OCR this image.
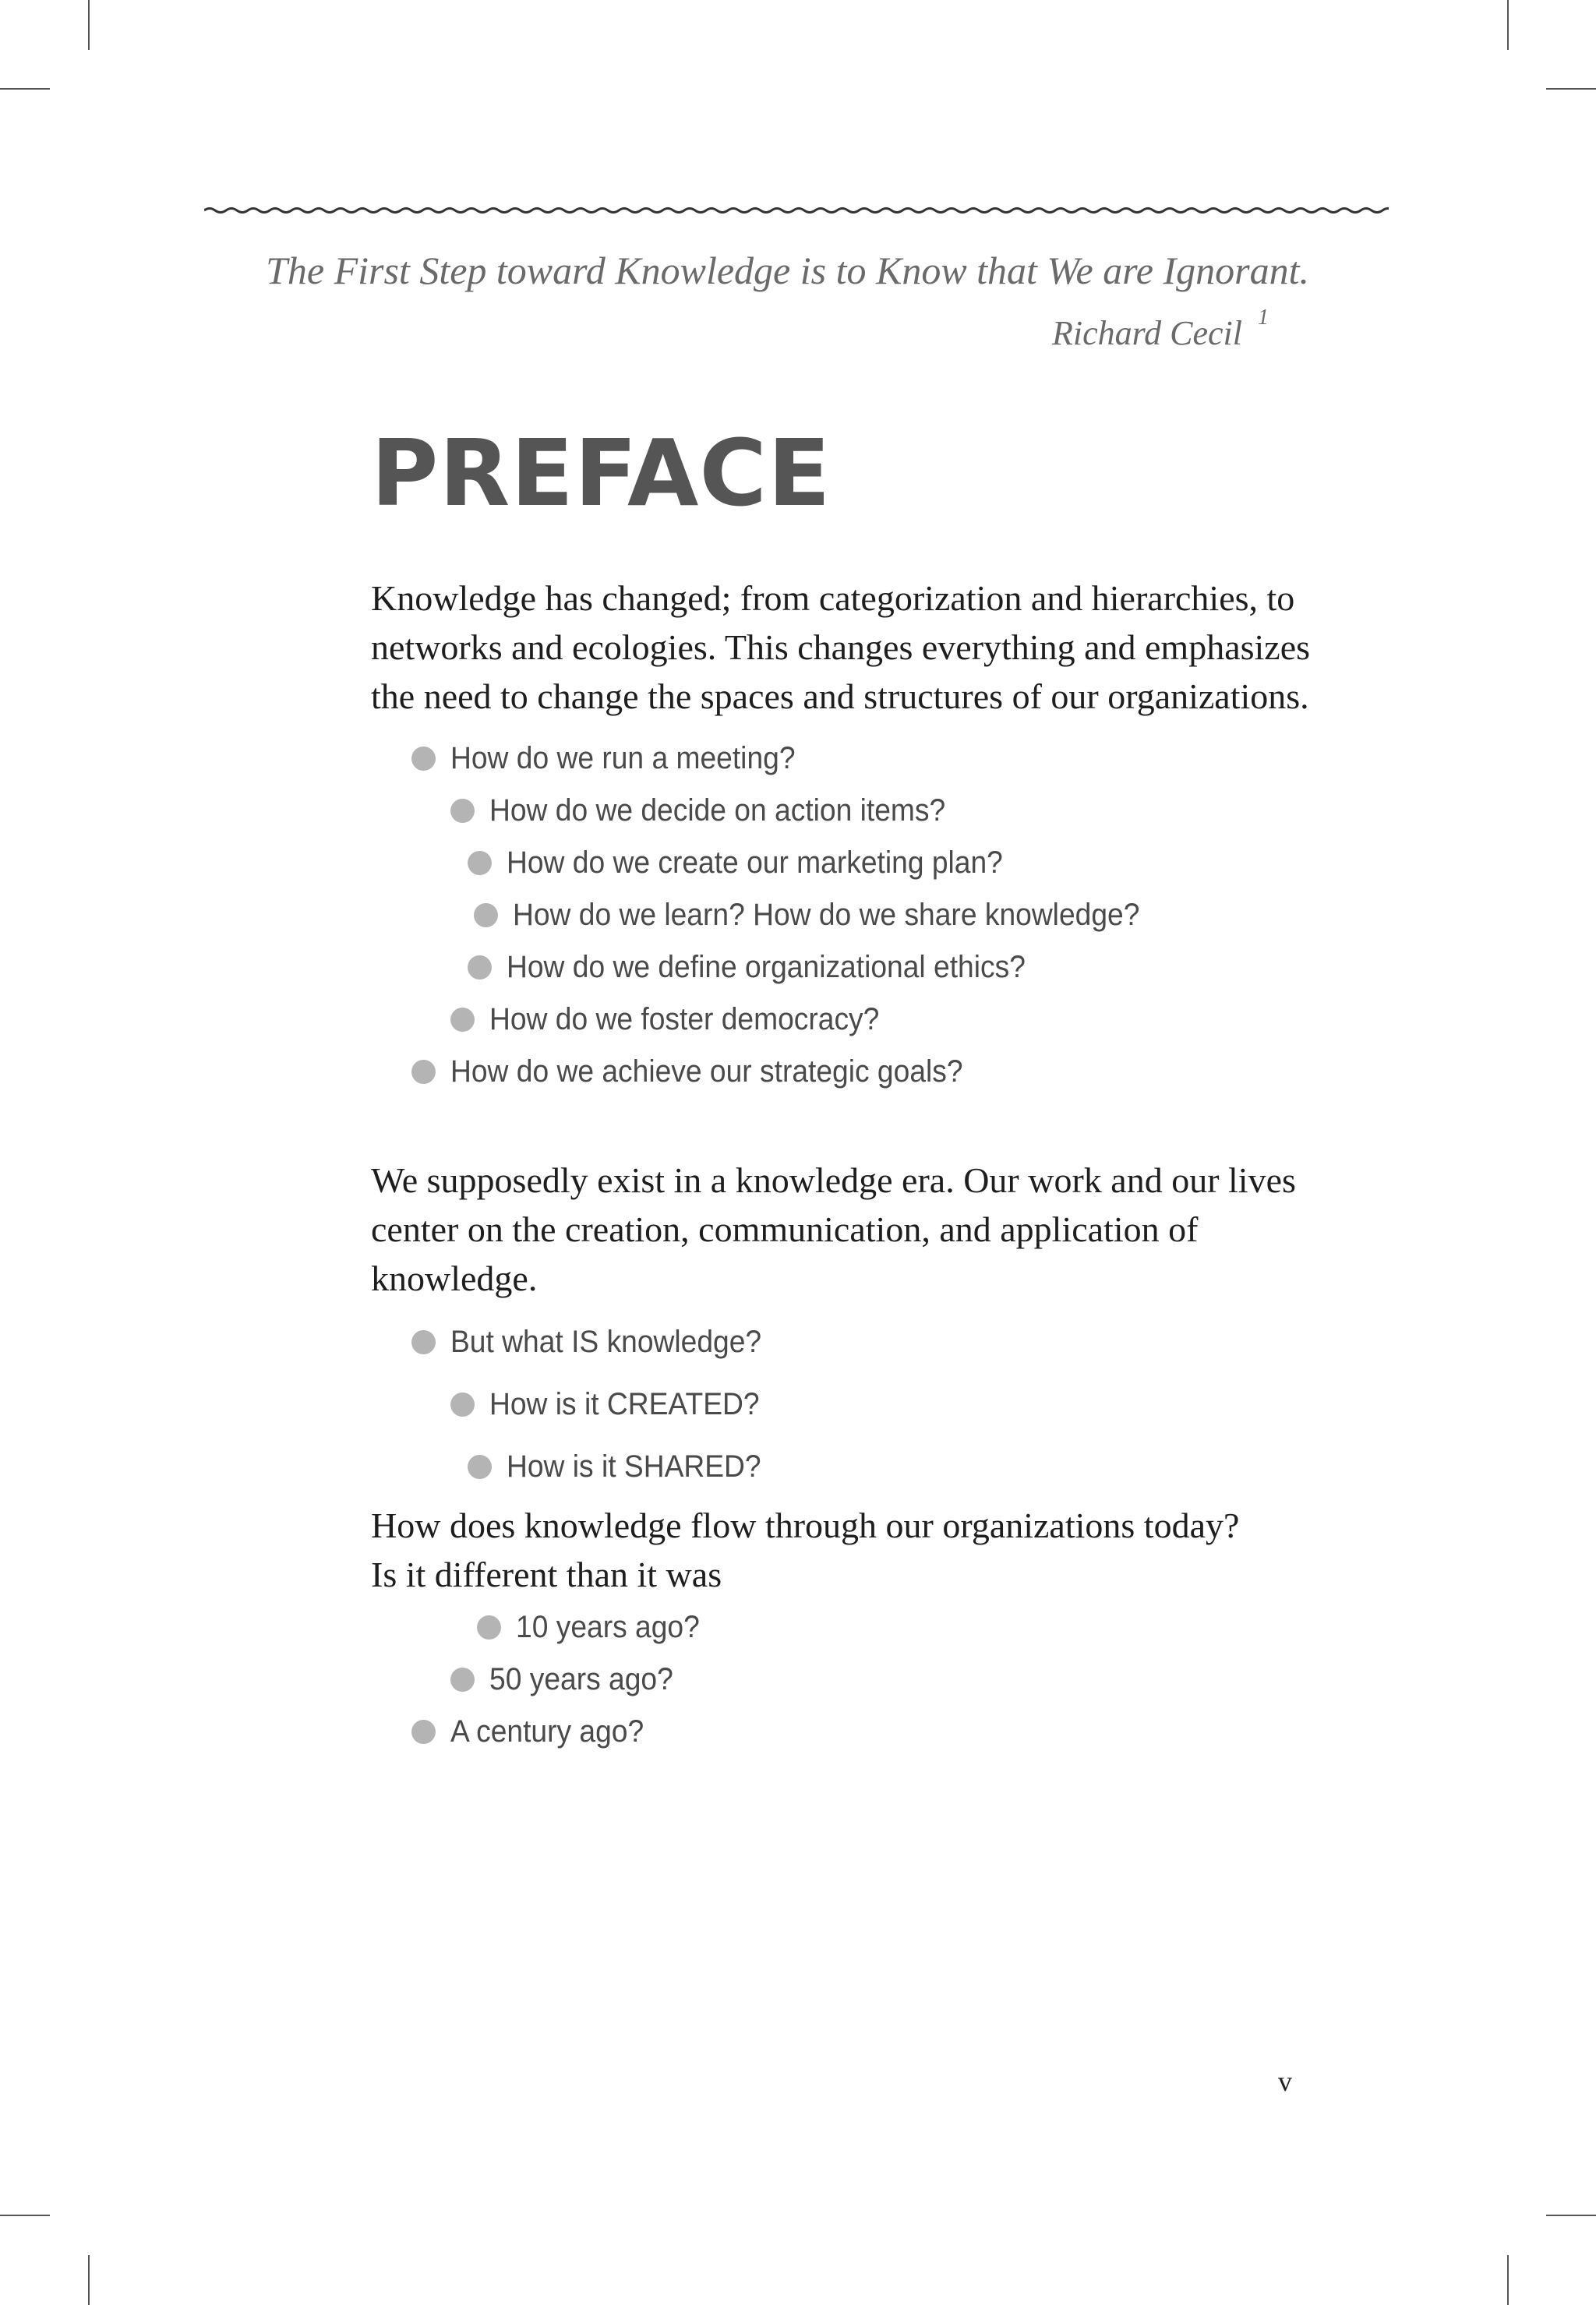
The First Step toward Knowledge is to Know that We are Ignorant.
Richard Cecil $^1$
PREFACE

Knowledge has changed; from categorization and hierarchies, to
networks and ecologies. This changes everything and emphasizes
the need to change the spaces and structures of our organizations.

How do we run a meeting?
How do we decide on action items?
How do we create our marketing plan?
How do we learn? How do we share knowledge?
How do we define organizational ethics?
How do we foster democracy?
How do we achieve our strategic goals?

We supposedly exist in a knowledge era. Our work and our lives
center on the creation, communication, and application of
knowledge.

But what IS knowledge?
How is it CREATED?
How is it SHARED?

How does knowledge flow through our organizations today?
Is it different than it was

10 years ago?
50 years ago?
A century ago?
v
